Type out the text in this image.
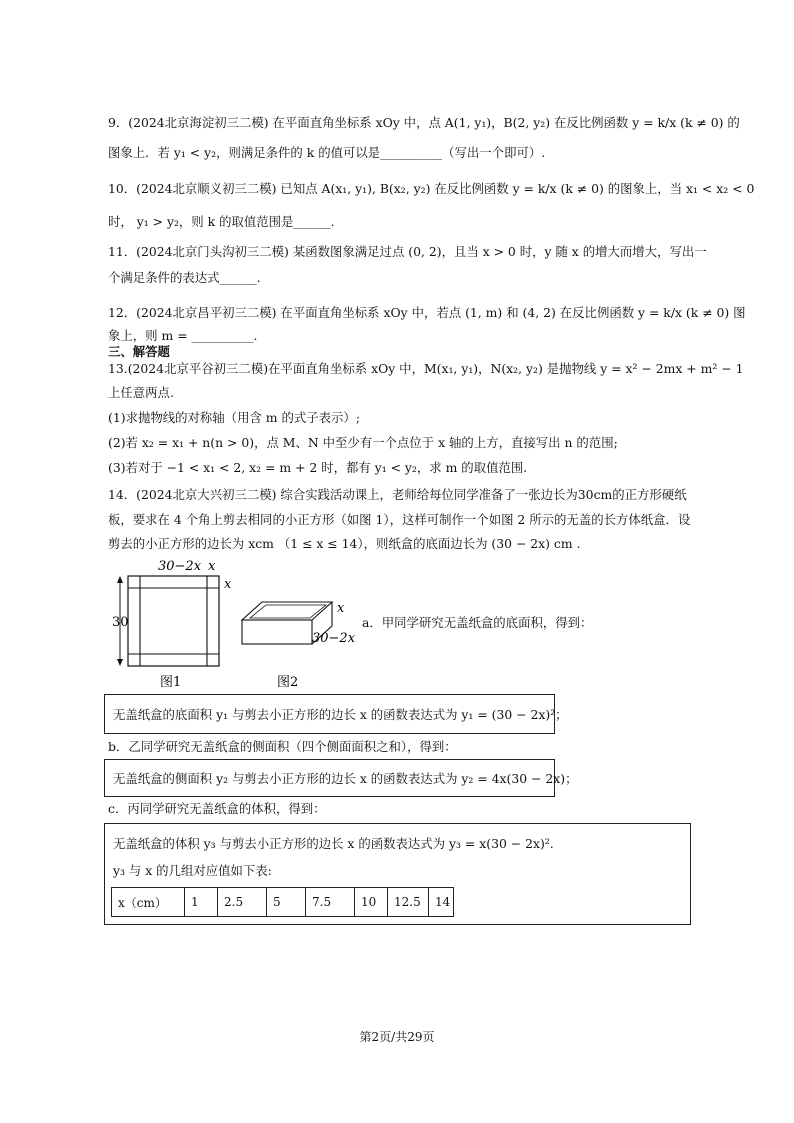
9．(2024北京海淀初三二模) 在平面直角坐标系 xOy 中，点 A(1, y₁)，B(2, y₂) 在反比例函数 y = k/x (k ≠ 0) 的
图象上．若 y₁ < y₂，则满足条件的 k 的值可以是__________（写出一个即可）.
10．(2024北京顺义初三二模) 已知点 A(x₁, y₁), B(x₂, y₂) 在反比例函数 y = k/x (k ≠ 0) 的图象上，当 x₁ < x₂ < 0
时， y₁ > y₂，则 k 的取值范围是______.
11．(2024北京门头沟初三二模) 某函数图象满足过点 (0, 2)，且当 x > 0 时，y 随 x 的增大而增大，写出一
个满足条件的表达式______.
12．(2024北京昌平初三二模) 在平面直角坐标系 xOy 中，若点 (1, m) 和 (4, 2) 在反比例函数 y = k/x (k ≠ 0) 图
象上，则 m = __________.
三、解答题
13.(2024北京平谷初三二模)在平面直角坐标系 xOy 中，M(x₁, y₁)，N(x₂, y₂) 是抛物线 y = x² − 2mx + m² − 1
上任意两点.
(1)求抛物线的对称轴（用含 m 的式子表示）;
(2)若 x₂ = x₁ + n(n > 0)，点 M、N 中至少有一个点位于 x 轴的上方，直接写出 n 的范围;
(3)若对于 −1 < x₁ < 2, x₂ = m + 2 时，都有 y₁ < y₂，求 m 的取值范围.
14．(2024北京大兴初三二模) 综合实践活动课上，老师给每位同学准备了一张边长为30cm的正方形硬纸
板，要求在 4 个角上剪去相同的小正方形（如图 1），这样可制作一个如图 2 所示的无盖的长方体纸盒．设
剪去的小正方形的边长为 xcm （1 ≤ x ≤ 14），则纸盒的底面边长为 (30 − 2x) cm .
30−2x x
x
30
图1
x
30−2x
图2
a．甲同学研究无盖纸盒的底面积，得到：
无盖纸盒的底面积 y₁ 与剪去小正方形的边长 x 的函数表达式为 y₁ = (30 − 2x)²；
b．乙同学研究无盖纸盒的侧面积（四个侧面面积之和），得到：
无盖纸盒的侧面积 y₂ 与剪去小正方形的边长 x 的函数表达式为 y₂ = 4x(30 − 2x)；
c．丙同学研究无盖纸盒的体积，得到：
无盖纸盒的体积 y₃ 与剪去小正方形的边长 x 的函数表达式为 y₃ = x(30 − 2x)².
y₃ 与 x 的几组对应值如下表:
x（cm）	1	2.5	5	7.5	10	12.5	14
第2页/共29页
